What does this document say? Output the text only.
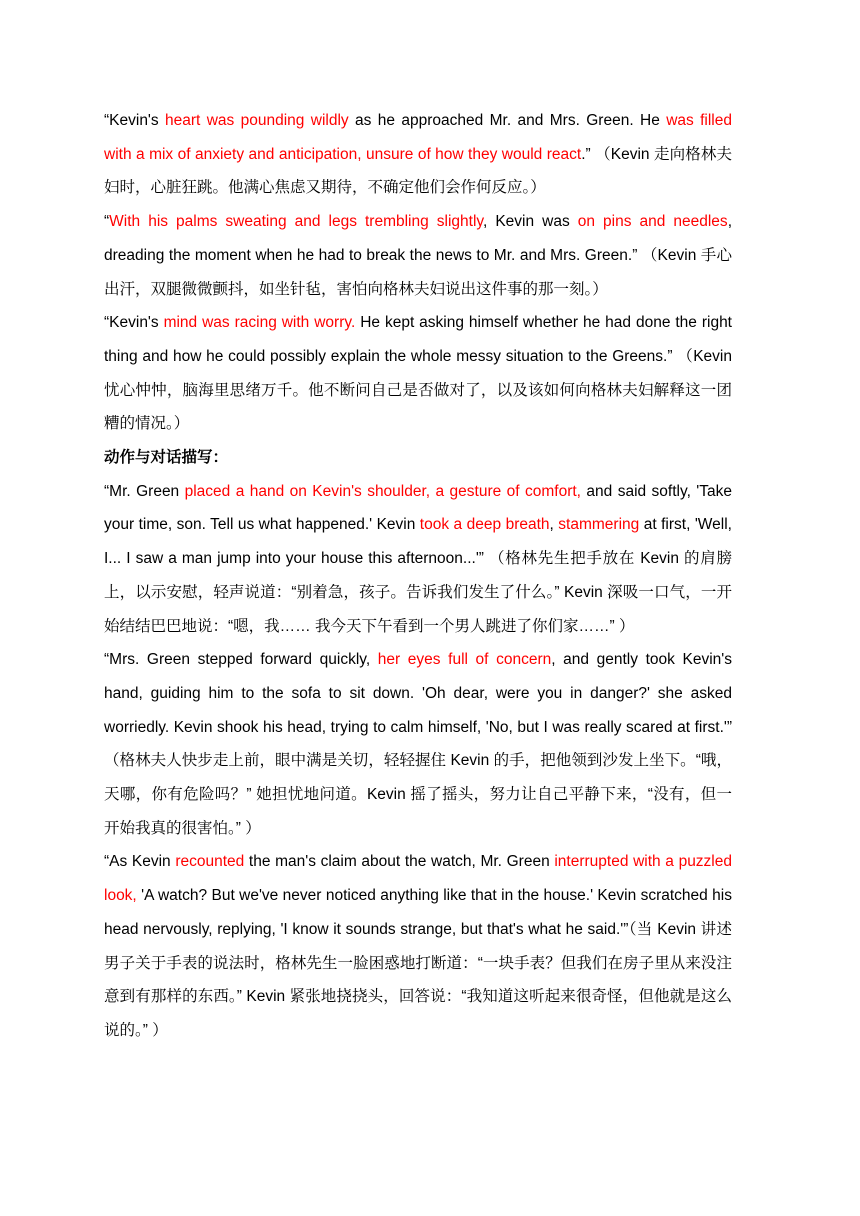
“Kevin's heart was pounding wildly as he approached Mr. and Mrs. Green. He was filled with a mix of anxiety and anticipation, unsure of how they would react.” （Kevin 走向格林夫妇时，心脏狂跳。他满心焦虑又期待，不确定他们会作何反应。）

“With his palms sweating and legs trembling slightly, Kevin was on pins and needles, dreading the moment when he had to break the news to Mr. and Mrs. Green.” （Kevin 手心出汗，双腿微微颤抖，如坐针毡，害怕向格林夫妇说出这件事的那一刻。）

“Kevin's mind was racing with worry. He kept asking himself whether he had done the right thing and how he could possibly explain the whole messy situation to the Greens.” （Kevin 忧心忡忡，脑海里思绪万千。他不断问自己是否做对了，以及该如何向格林夫妇解释这一团糟的情况。）

动作与对话描写：

“Mr. Green placed a hand on Kevin's shoulder, a gesture of comfort, and said softly, 'Take your time, son. Tell us what happened.' Kevin took a deep breath, stammering at first, 'Well, I... I saw a man jump into your house this afternoon...'” （格林先生把手放在 Kevin 的肩膀上，以示安慰，轻声说道：“别着急，孩子。告诉我们发生了什么。” Kevin 深吸一口气，一开始结结巴巴地说：“嗯，我…… 我今天下午看到一个男人跳进了你们家……” ）

“Mrs. Green stepped forward quickly, her eyes full of concern, and gently took Kevin's hand, guiding him to the sofa to sit down. 'Oh dear, were you in danger?' she asked worriedly. Kevin shook his head, trying to calm himself, 'No, but I was really scared at first.'” （格林夫人快步走上前，眼中满是关切，轻轻握住 Kevin 的手，把他领到沙发上坐下。“哦，天哪，你有危险吗？” 她担忧地问道。Kevin 摇了摇头，努力让自己平静下来，“没有，但一开始我真的很害怕。” ）

“As Kevin recounted the man's claim about the watch, Mr. Green interrupted with a puzzled look, 'A watch? But we've never noticed anything like that in the house.' Kevin scratched his head nervously, replying, 'I know it sounds strange, but that's what he said.'”（当 Kevin 讲述男子关于手表的说法时，格林先生一脸困惑地打断道：“一块手表？但我们在房子里从来没注意到有那样的东西。” Kevin 紧张地挠挠头，回答说：“我知道这听起来很奇怪，但他就是这么说的。” ）
